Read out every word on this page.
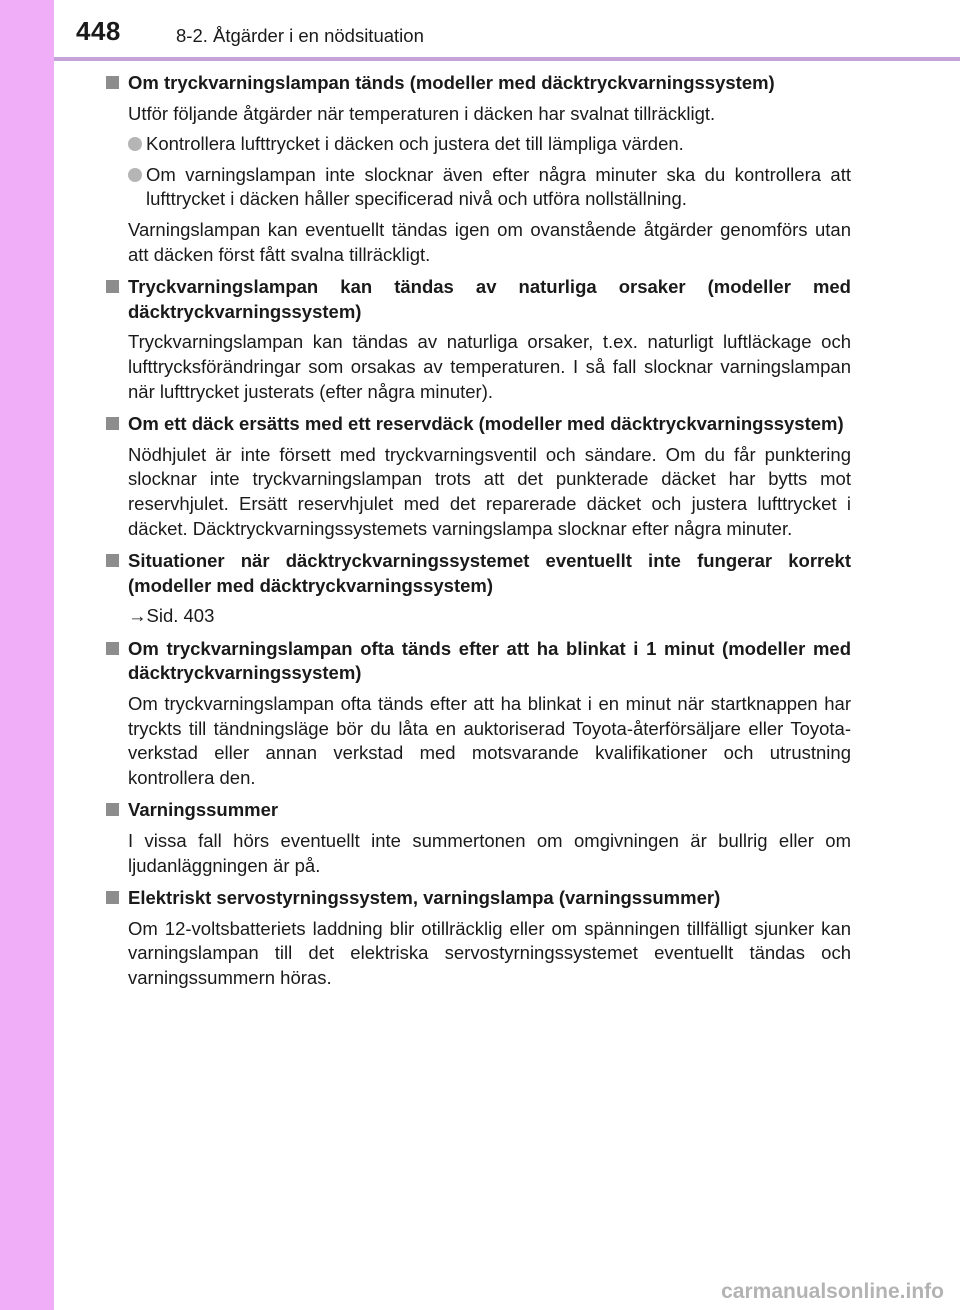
448	8-2. Åtgärder i en nödsituation
Om tryckvarningslampan tänds (modeller med däcktryckvarningssystem)
Utför följande åtgärder när temperaturen i däcken har svalnat tillräckligt.
Kontrollera lufttrycket i däcken och justera det till lämpliga värden.
Om varningslampan inte slocknar även efter några minuter ska du kontrollera att lufttrycket i däcken håller specificerad nivå och utföra nollställning.
Varningslampan kan eventuellt tändas igen om ovanstående åtgärder genomförs utan att däcken först fått svalna tillräckligt.
Tryckvarningslampan kan tändas av naturliga orsaker (modeller med däcktryckvarningssystem)
Tryckvarningslampan kan tändas av naturliga orsaker, t.ex. naturligt luftläckage och lufttrycksförändringar som orsakas av temperaturen. I så fall slocknar varningslampan när lufttrycket justerats (efter några minuter).
Om ett däck ersätts med ett reservdäck (modeller med däcktryckvarningssystem)
Nödhjulet är inte försett med tryckvarningsventil och sändare. Om du får punktering slocknar inte tryckvarningslampan trots att det punkterade däcket har bytts mot reservhjulet. Ersätt reservhjulet med det reparerade däcket och justera lufttrycket i däcket. Däcktryckvarningssystemets varningslampa slocknar efter några minuter.
Situationer när däcktryckvarningssystemet eventuellt inte fungerar korrekt (modeller med däcktryckvarningssystem)
→Sid. 403
Om tryckvarningslampan ofta tänds efter att ha blinkat i 1 minut (modeller med däcktryckvarningssystem)
Om tryckvarningslampan ofta tänds efter att ha blinkat i en minut när startknappen har tryckts till tändningsläge bör du låta en auktoriserad Toyota-återförsäljare eller Toyota-verkstad eller annan verkstad med motsvarande kvalifikationer och utrustning kontrollera den.
Varningssummer
I vissa fall hörs eventuellt inte summertonen om omgivningen är bullrig eller om ljudanläggningen är på.
Elektriskt servostyrningssystem, varningslampa (varningssummer)
Om 12-voltsbatteriets laddning blir otillräcklig eller om spänningen tillfälligt sjunker kan varningslampan till det elektriska servostyrningssystemet eventuellt tändas och varningssummern höras.
carmanualsonline.info
